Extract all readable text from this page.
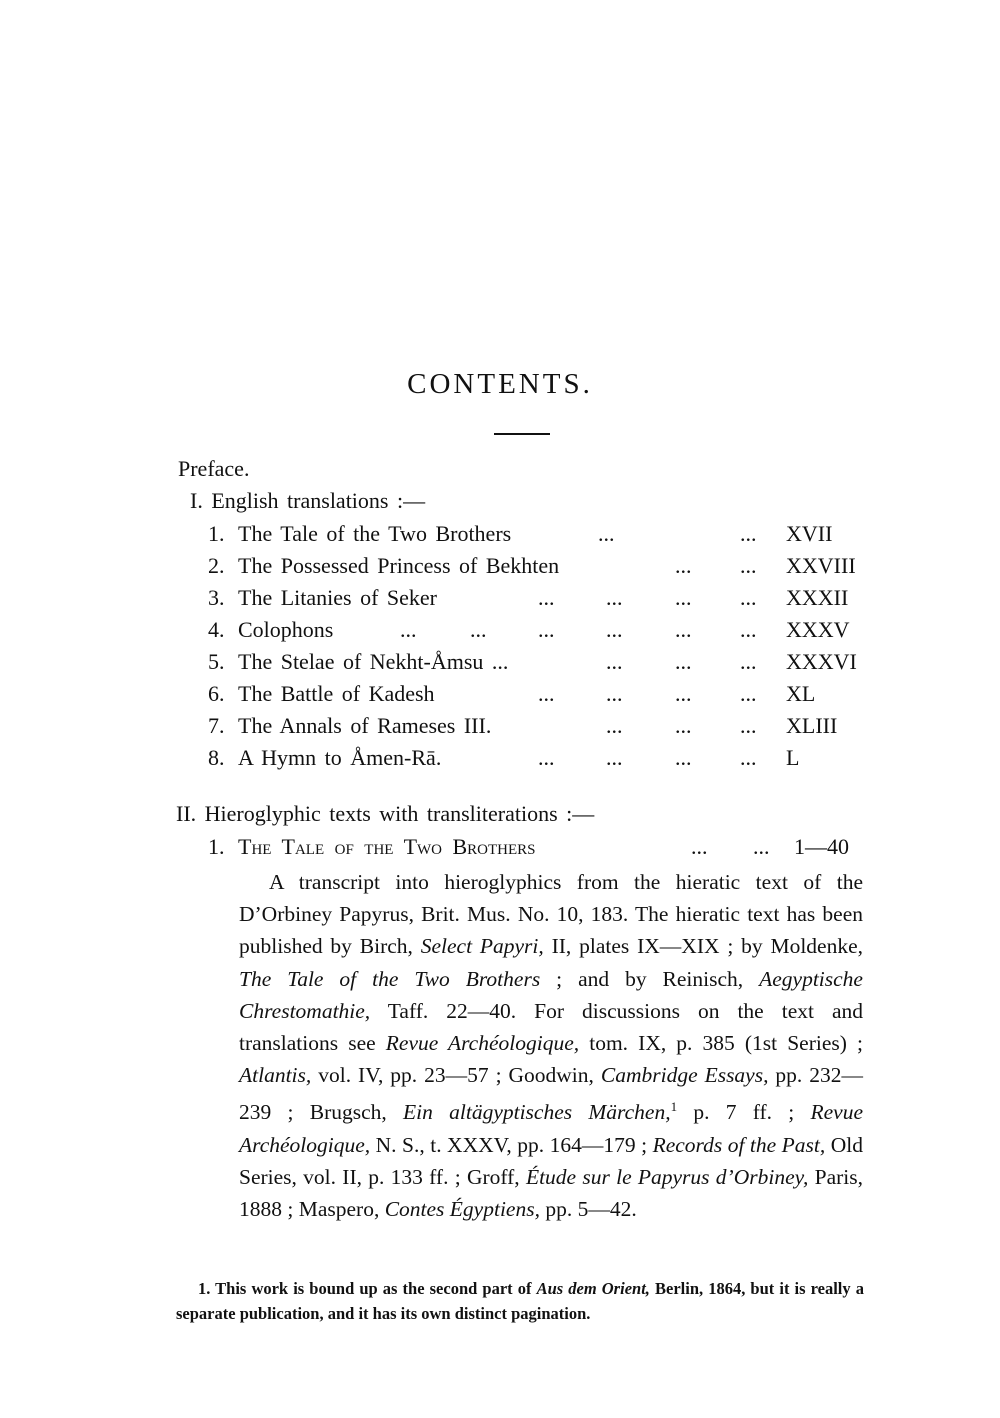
CONTENTS.
Preface.
I. English translations :—
1. The Tale of the Two Brothers	...	... XVII
2. The Possessed Princess of Bekhten	... ... XXVIII
3. The Litanies of Seker	... ... ... ... XXXII
4. Colophons	... ... ... ... ... ... XXXV
5. The Stelae of Nekht-Åmsu ...	... ... ... XXXVI
6. The Battle of Kadesh	... ... ... ... XL
7. The Annals of Rameses III.	... ... ... XLIII
8. A Hymn to Åmen-Rā.	... ... ... ... L
II. Hieroglyphic texts with transliterations :—
1. The Tale of the Two Brothers	... ... 1—40
A transcript into hieroglyphics from the hieratic text of the D’Orbiney Papyrus, Brit. Mus. No. 10, 183. The hieratic text has been published by Birch, Select Papyri, II, plates IX—XIX ; by Moldenke, The Tale of the Two Brothers ; and by Reinisch, Aegyptische Chrestomathie, Taff. 22—40. For discussions on the text and translations see Revue Archéologique, tom. IX, p. 385 (1st Series) ; Atlantis, vol. IV, pp. 23—57 ; Goodwin, Cambridge Essays, pp. 232—239 ; Brugsch, Ein altägyptisches Märchen,$^1$ p. 7 ff. ; Revue Archéologique, N. S., t. XXXV, pp. 164—179 ; Records of the Past, Old Series, vol. II, p. 133 ff. ; Groff, Étude sur le Papyrus d’Orbiney, Paris, 1888 ; Maspero, Contes Égyptiens, pp. 5—42.
1. This work is bound up as the second part of Aus dem Orient, Berlin, 1864, but it is really a separate publication, and it has its own distinct pagination.
